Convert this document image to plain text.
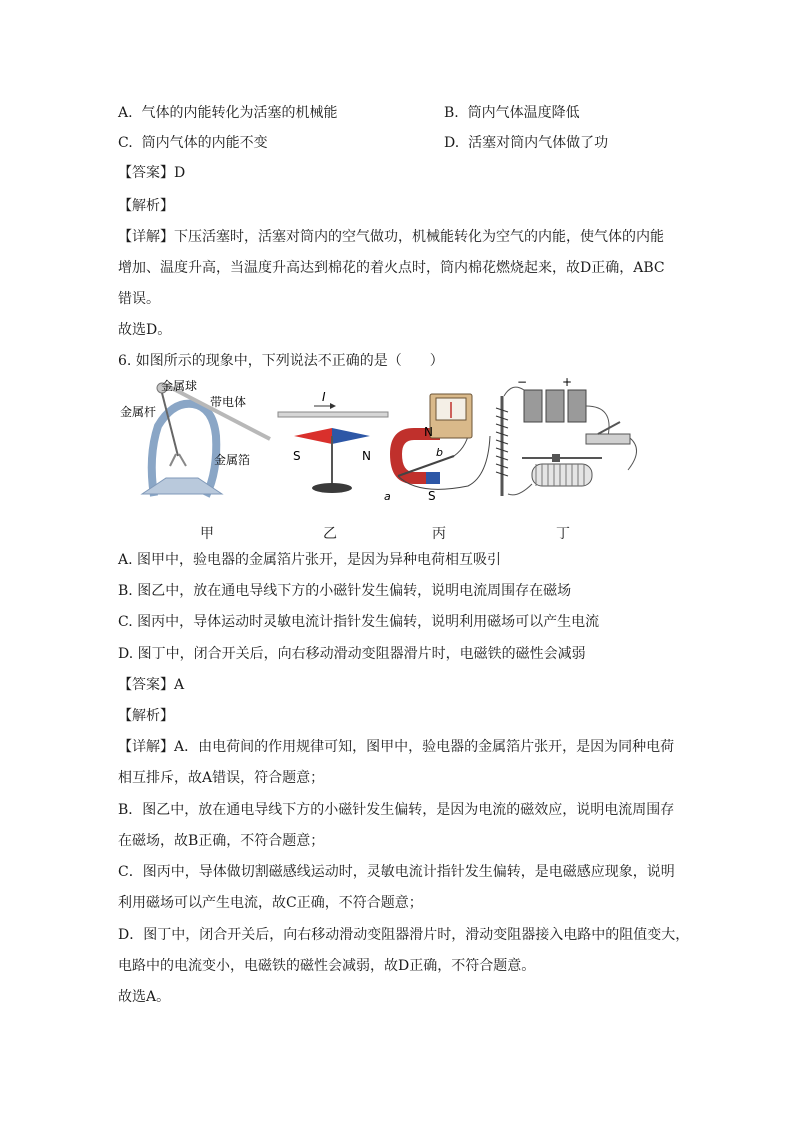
A. 气体的内能转化为活塞的机械能	B. 筒内气体温度降低
C. 筒内气体的内能不变	D. 活塞对筒内气体做了功
【答案】D
【解析】
【详解】下压活塞时，活塞对筒内的空气做功，机械能转化为空气的内能，使气体的内能
增加、温度升高，当温度升高达到棉花的着火点时，筒内棉花燃烧起来，故D正确，ABC
错误。
故选D。
6. 如图所示的现象中，下列说法不正确的是（　　）
金属球
带电体
金属杆
金属箔
I
S	N
N
S
b
a
−	+
甲	乙	丙	丁
A. 图甲中，验电器的金属箔片张开，是因为异种电荷相互吸引
B. 图乙中，放在通电导线下方的小磁针发生偏转，说明电流周围存在磁场
C. 图丙中，导体运动时灵敏电流计指针发生偏转，说明利用磁场可以产生电流
D. 图丁中，闭合开关后，向右移动滑动变阻器滑片时，电磁铁的磁性会减弱
【答案】A
【解析】
【详解】A．由电荷间的作用规律可知，图甲中，验电器的金属箔片张开，是因为同种电荷
相互排斥，故A错误，符合题意；
B．图乙中，放在通电导线下方的小磁针发生偏转，是因为电流的磁效应，说明电流周围存
在磁场，故B正确，不符合题意；
C．图丙中，导体做切割磁感线运动时，灵敏电流计指针发生偏转，是电磁感应现象，说明
利用磁场可以产生电流，故C正确，不符合题意；
D．图丁中，闭合开关后，向右移动滑动变阻器滑片时，滑动变阻器接入电路中的阻值变大，
电路中的电流变小，电磁铁的磁性会减弱，故D正确，不符合题意。
故选A。
